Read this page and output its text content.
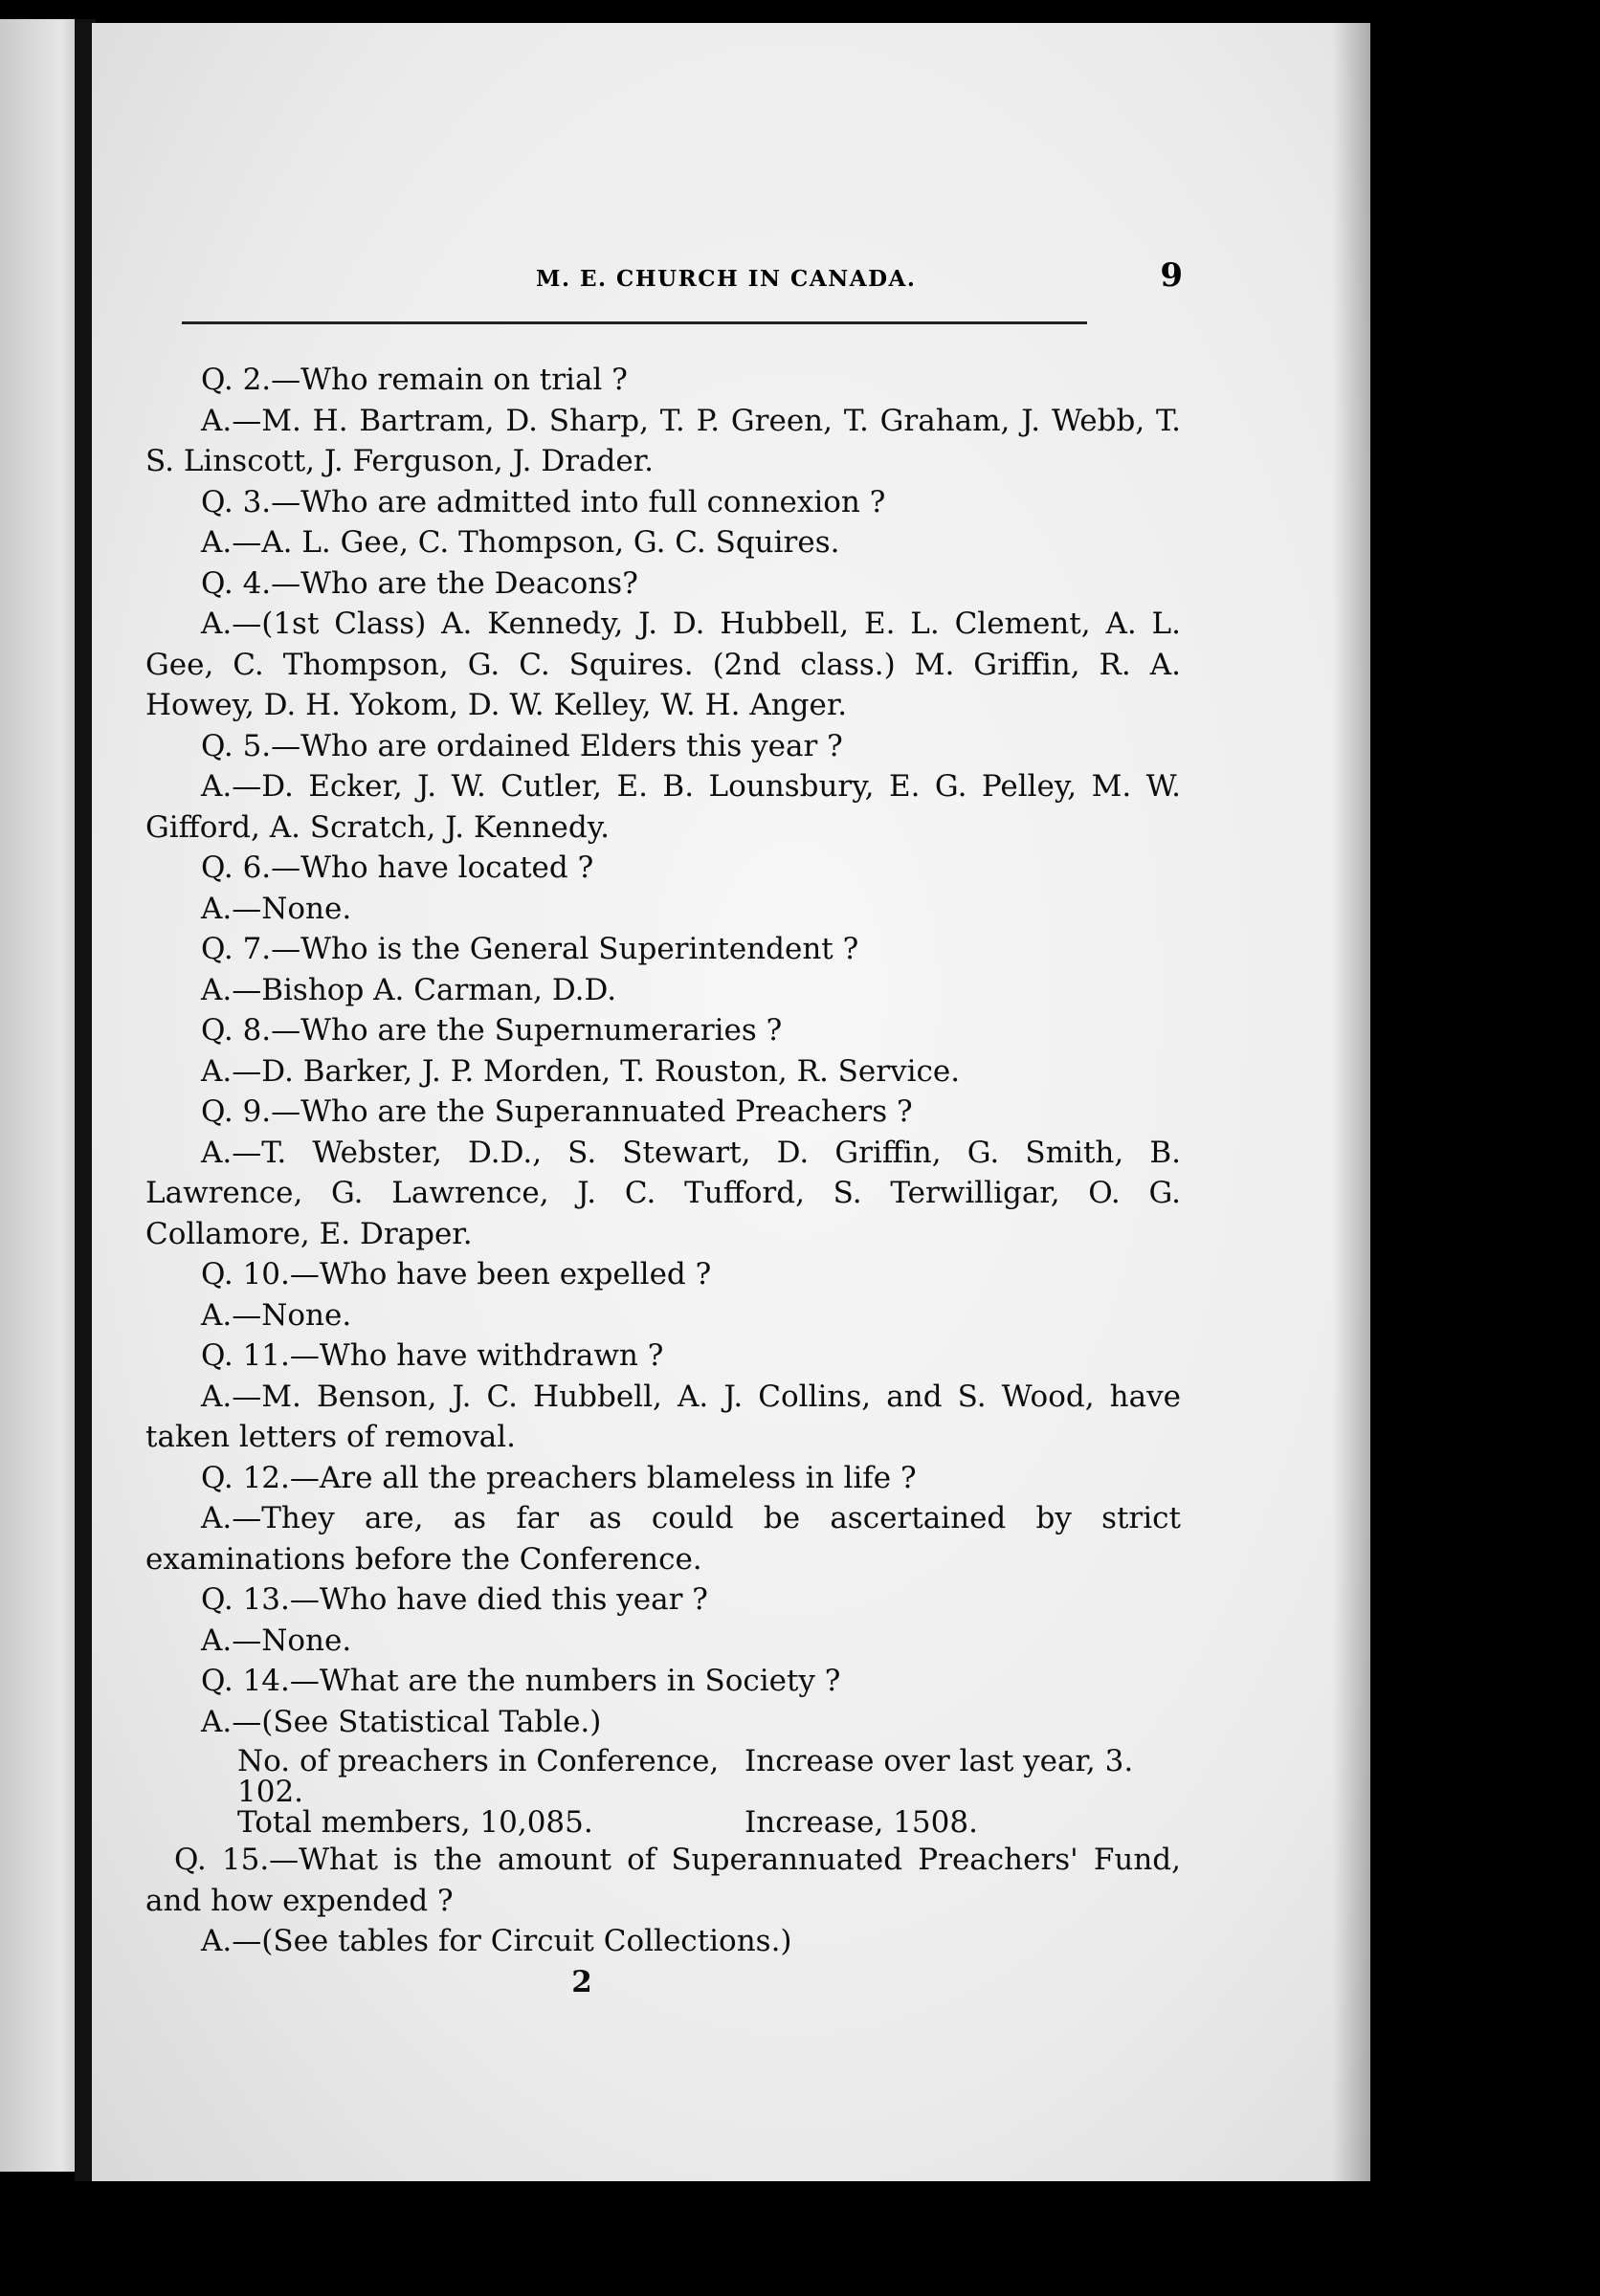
M. E. CHURCH IN CANADA.	9
Q. 2.—Who remain on trial ?
A.—M. H. Bartram, D. Sharp, T. P. Green, T. Graham, J. Webb, T. S. Linscott, J. Ferguson, J. Drader.
Q. 3.—Who are admitted into full connexion ?
A.—A. L. Gee, C. Thompson, G. C. Squires.
Q. 4.—Who are the Deacons?
A.—(1st Class) A. Kennedy, J. D. Hubbell, E. L. Clement, A. L. Gee, C. Thompson, G. C. Squires. (2nd class.) M. Griffin, R. A. Howey, D. H. Yokom, D. W. Kelley, W. H. Anger.
Q. 5.—Who are ordained Elders this year ?
A.—D. Ecker, J. W. Cutler, E. B. Lounsbury, E. G. Pelley, M. W. Gifford, A. Scratch, J. Kennedy.
Q. 6.—Who have located ?
A.—None.
Q. 7.—Who is the General Superintendent ?
A.—Bishop A. Carman, D.D.
Q. 8.—Who are the Supernumeraries ?
A.—D. Barker, J. P. Morden, T. Rouston, R. Service.
Q. 9.—Who are the Superannuated Preachers ?
A.—T. Webster, D.D., S. Stewart, D. Griffin, G. Smith, B. Lawrence, G. Lawrence, J. C. Tufford, S. Terwilligar, O. G. Collamore, E. Draper.
Q. 10.—Who have been expelled ?
A.—None.
Q. 11.—Who have withdrawn ?
A.—M. Benson, J. C. Hubbell, A. J. Collins, and S. Wood, have taken letters of removal.
Q. 12.—Are all the preachers blameless in life ?
A.—They are, as far as could be ascertained by strict examinations before the Conference.
Q. 13.—Who have died this year ?
A.—None.
Q. 14.—What are the numbers in Society ?
A.—(See Statistical Table.)
No. of preachers in Conference, 102.
Increase over last year, 3.
Total members, 10,085.	Increase, 1508.
Q. 15.—What is the amount of Superannuated Preachers' Fund, and how expended ?
A.—(See tables for Circuit Collections.)
2
